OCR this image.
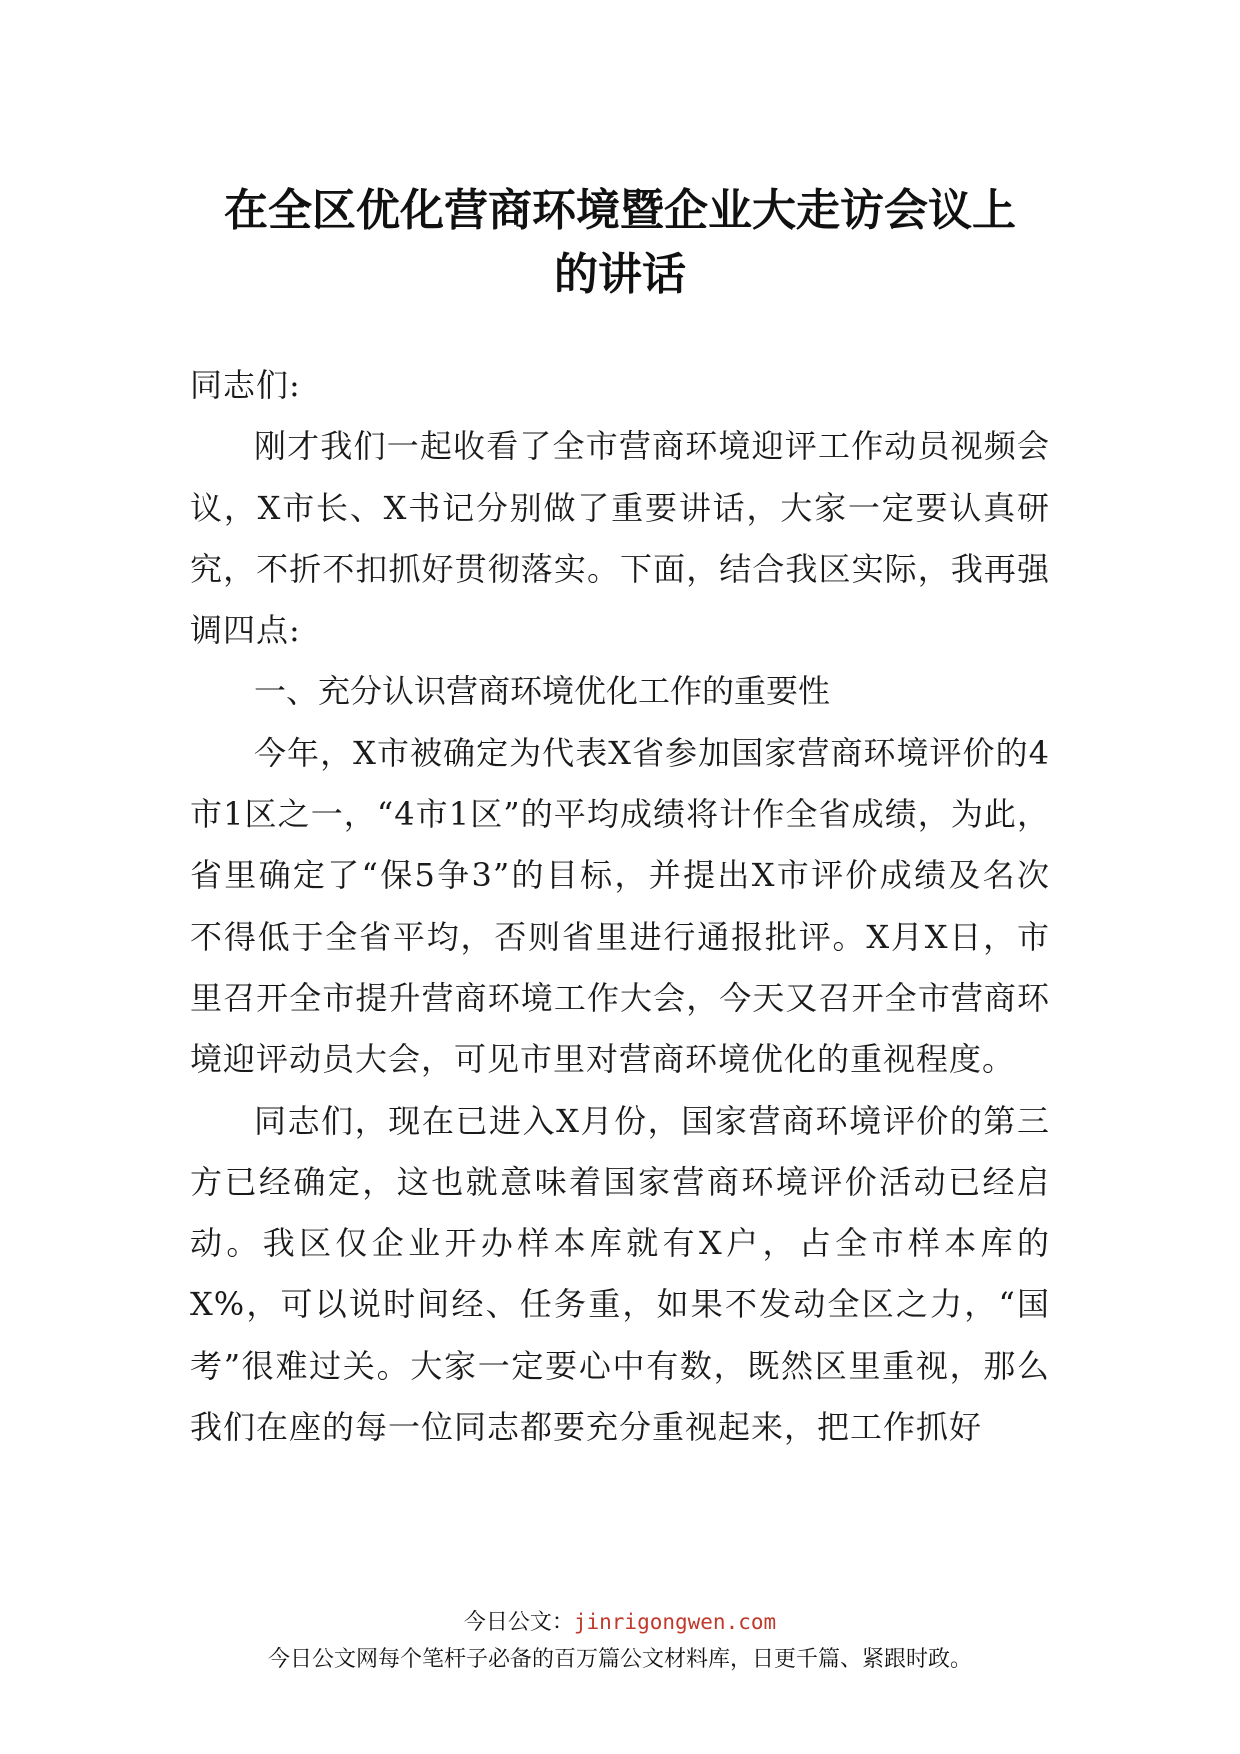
在全区优化营商环境暨企业大走访会议上
的讲话

同志们:

刚才我们一起收看了全市营商环境迎评工作动员视频会议，X市长、X书记分别做了重要讲话，大家一定要认真研究，不折不扣抓好贯彻落实。下面，结合我区实际，我再强调四点:

一、充分认识营商环境优化工作的重要性

今年，X市被确定为代表X省参加国家营商环境评价的4市1区之一，“4市1区”的平均成绩将计作全省成绩，为此，省里确定了“保5争3”的目标，并提出X市评价成绩及名次不得低于全省平均，否则省里进行通报批评。X月X日，市里召开全市提升营商环境工作大会，今天又召开全市营商环境迎评动员大会，可见市里对营商环境优化的重视程度。

同志们，现在已进入X月份，国家营商环境评价的第三方已经确定，这也就意味着国家营商环境评价活动已经启动。我区仅企业开办样本库就有X户，占全市样本库的X%，可以说时间经、任务重，如果不发动全区之力，“国考”很难过关。大家一定要心中有数，既然区里重视，那么我们在座的每一位同志都要充分重视起来，把工作抓好

今日公文：jinrigongwen.com
今日公文网每个笔杆子必备的百万篇公文材料库，日更千篇、紧跟时政。
